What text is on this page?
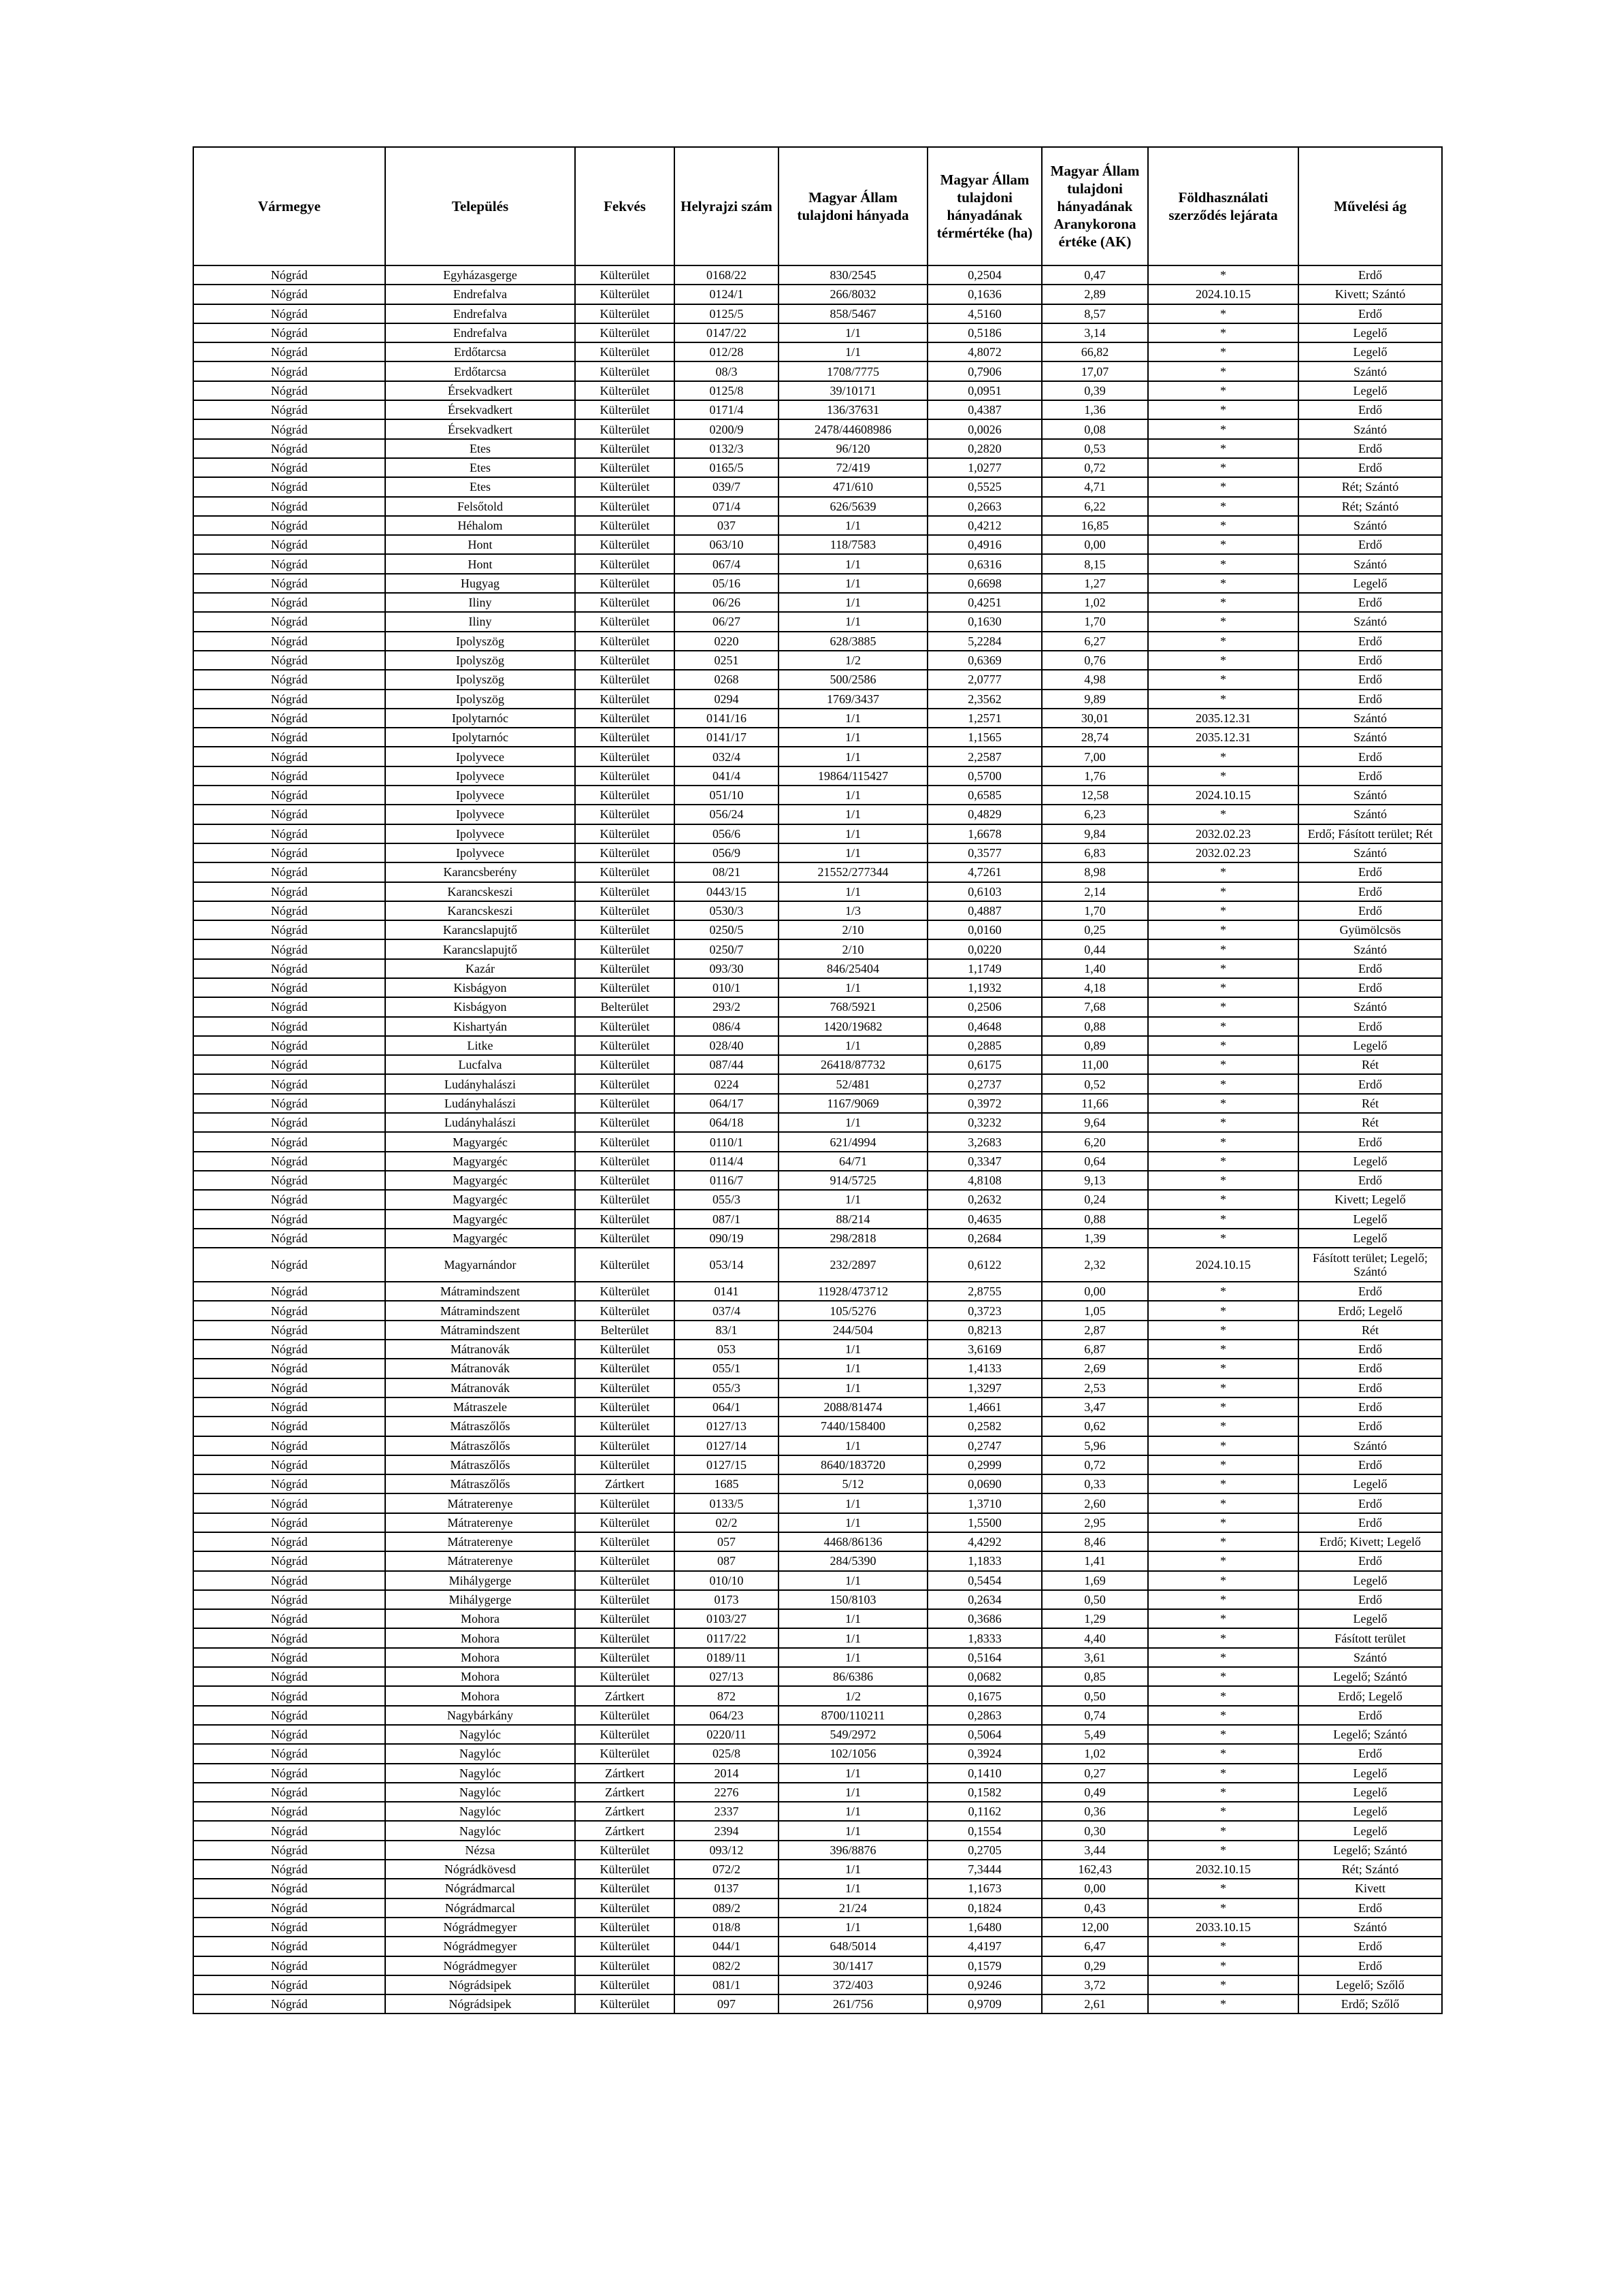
Vármegye	Település	Fekvés	Helyrajzi szám	Magyar Állam tulajdoni hányada	Magyar Állam tulajdoni hányadának térmértéke (ha)	Magyar Állam tulajdoni hányadának Aranykorona értéke (AK)	Földhasználati szerződés lejárata	Művelési ág
Nógrád	Egyházasgerge	Külterület	0168/22	830/2545	0,2504	0,47	*	Erdő
Nógrád	Endrefalva	Külterület	0124/1	266/8032	0,1636	2,89	2024.10.15	Kivett; Szántó
Nógrád	Endrefalva	Külterület	0125/5	858/5467	4,5160	8,57	*	Erdő
Nógrád	Endrefalva	Külterület	0147/22	1/1	0,5186	3,14	*	Legelő
Nógrád	Erdőtarcsa	Külterület	012/28	1/1	4,8072	66,82	*	Legelő
Nógrád	Erdőtarcsa	Külterület	08/3	1708/7775	0,7906	17,07	*	Szántó
Nógrád	Érsekvadkert	Külterület	0125/8	39/10171	0,0951	0,39	*	Legelő
Nógrád	Érsekvadkert	Külterület	0171/4	136/37631	0,4387	1,36	*	Erdő
Nógrád	Érsekvadkert	Külterület	0200/9	2478/44608986	0,0026	0,08	*	Szántó
Nógrád	Etes	Külterület	0132/3	96/120	0,2820	0,53	*	Erdő
Nógrád	Etes	Külterület	0165/5	72/419	1,0277	0,72	*	Erdő
Nógrád	Etes	Külterület	039/7	471/610	0,5525	4,71	*	Rét; Szántó
Nógrád	Felsőtold	Külterület	071/4	626/5639	0,2663	6,22	*	Rét; Szántó
Nógrád	Héhalom	Külterület	037	1/1	0,4212	16,85	*	Szántó
Nógrád	Hont	Külterület	063/10	118/7583	0,4916	0,00	*	Erdő
Nógrád	Hont	Külterület	067/4	1/1	0,6316	8,15	*	Szántó
Nógrád	Hugyag	Külterület	05/16	1/1	0,6698	1,27	*	Legelő
Nógrád	Iliny	Külterület	06/26	1/1	0,4251	1,02	*	Erdő
Nógrád	Iliny	Külterület	06/27	1/1	0,1630	1,70	*	Szántó
Nógrád	Ipolyszög	Külterület	0220	628/3885	5,2284	6,27	*	Erdő
Nógrád	Ipolyszög	Külterület	0251	1/2	0,6369	0,76	*	Erdő
Nógrád	Ipolyszög	Külterület	0268	500/2586	2,0777	4,98	*	Erdő
Nógrád	Ipolyszög	Külterület	0294	1769/3437	2,3562	9,89	*	Erdő
Nógrád	Ipolytarnóc	Külterület	0141/16	1/1	1,2571	30,01	2035.12.31	Szántó
Nógrád	Ipolytarnóc	Külterület	0141/17	1/1	1,1565	28,74	2035.12.31	Szántó
Nógrád	Ipolyvece	Külterület	032/4	1/1	2,2587	7,00	*	Erdő
Nógrád	Ipolyvece	Külterület	041/4	19864/115427	0,5700	1,76	*	Erdő
Nógrád	Ipolyvece	Külterület	051/10	1/1	0,6585	12,58	2024.10.15	Szántó
Nógrád	Ipolyvece	Külterület	056/24	1/1	0,4829	6,23	*	Szántó
Nógrád	Ipolyvece	Külterület	056/6	1/1	1,6678	9,84	2032.02.23	Erdő; Fásított terület; Rét
Nógrád	Ipolyvece	Külterület	056/9	1/1	0,3577	6,83	2032.02.23	Szántó
Nógrád	Karancsberény	Külterület	08/21	21552/277344	4,7261	8,98	*	Erdő
Nógrád	Karancskeszi	Külterület	0443/15	1/1	0,6103	2,14	*	Erdő
Nógrád	Karancskeszi	Külterület	0530/3	1/3	0,4887	1,70	*	Erdő
Nógrád	Karancslapujtő	Külterület	0250/5	2/10	0,0160	0,25	*	Gyümölcsös
Nógrád	Karancslapujtő	Külterület	0250/7	2/10	0,0220	0,44	*	Szántó
Nógrád	Kazár	Külterület	093/30	846/25404	1,1749	1,40	*	Erdő
Nógrád	Kisbágyon	Külterület	010/1	1/1	1,1932	4,18	*	Erdő
Nógrád	Kisbágyon	Belterület	293/2	768/5921	0,2506	7,68	*	Szántó
Nógrád	Kishartyán	Külterület	086/4	1420/19682	0,4648	0,88	*	Erdő
Nógrád	Litke	Külterület	028/40	1/1	0,2885	0,89	*	Legelő
Nógrád	Lucfalva	Külterület	087/44	26418/87732	0,6175	11,00	*	Rét
Nógrád	Ludányhalászi	Külterület	0224	52/481	0,2737	0,52	*	Erdő
Nógrád	Ludányhalászi	Külterület	064/17	1167/9069	0,3972	11,66	*	Rét
Nógrád	Ludányhalászi	Külterület	064/18	1/1	0,3232	9,64	*	Rét
Nógrád	Magyargéc	Külterület	0110/1	621/4994	3,2683	6,20	*	Erdő
Nógrád	Magyargéc	Külterület	0114/4	64/71	0,3347	0,64	*	Legelő
Nógrád	Magyargéc	Külterület	0116/7	914/5725	4,8108	9,13	*	Erdő
Nógrád	Magyargéc	Külterület	055/3	1/1	0,2632	0,24	*	Kivett; Legelő
Nógrád	Magyargéc	Külterület	087/1	88/214	0,4635	0,88	*	Legelő
Nógrád	Magyargéc	Külterület	090/19	298/2818	0,2684	1,39	*	Legelő
Nógrád	Magyarnándor	Külterület	053/14	232/2897	0,6122	2,32	2024.10.15	Fásított terület; Legelő; Szántó
Nógrád	Mátramindszent	Külterület	0141	11928/473712	2,8755	0,00	*	Erdő
Nógrád	Mátramindszent	Külterület	037/4	105/5276	0,3723	1,05	*	Erdő; Legelő
Nógrád	Mátramindszent	Belterület	83/1	244/504	0,8213	2,87	*	Rét
Nógrád	Mátranovák	Külterület	053	1/1	3,6169	6,87	*	Erdő
Nógrád	Mátranovák	Külterület	055/1	1/1	1,4133	2,69	*	Erdő
Nógrád	Mátranovák	Külterület	055/3	1/1	1,3297	2,53	*	Erdő
Nógrád	Mátraszele	Külterület	064/1	2088/81474	1,4661	3,47	*	Erdő
Nógrád	Mátraszőlős	Külterület	0127/13	7440/158400	0,2582	0,62	*	Erdő
Nógrád	Mátraszőlős	Külterület	0127/14	1/1	0,2747	5,96	*	Szántó
Nógrád	Mátraszőlős	Külterület	0127/15	8640/183720	0,2999	0,72	*	Erdő
Nógrád	Mátraszőlős	Zártkert	1685	5/12	0,0690	0,33	*	Legelő
Nógrád	Mátraterenye	Külterület	0133/5	1/1	1,3710	2,60	*	Erdő
Nógrád	Mátraterenye	Külterület	02/2	1/1	1,5500	2,95	*	Erdő
Nógrád	Mátraterenye	Külterület	057	4468/86136	4,4292	8,46	*	Erdő; Kivett; Legelő
Nógrád	Mátraterenye	Külterület	087	284/5390	1,1833	1,41	*	Erdő
Nógrád	Mihálygerge	Külterület	010/10	1/1	0,5454	1,69	*	Legelő
Nógrád	Mihálygerge	Külterület	0173	150/8103	0,2634	0,50	*	Erdő
Nógrád	Mohora	Külterület	0103/27	1/1	0,3686	1,29	*	Legelő
Nógrád	Mohora	Külterület	0117/22	1/1	1,8333	4,40	*	Fásított terület
Nógrád	Mohora	Külterület	0189/11	1/1	0,5164	3,61	*	Szántó
Nógrád	Mohora	Külterület	027/13	86/6386	0,0682	0,85	*	Legelő; Szántó
Nógrád	Mohora	Zártkert	872	1/2	0,1675	0,50	*	Erdő; Legelő
Nógrád	Nagybárkány	Külterület	064/23	8700/110211	0,2863	0,74	*	Erdő
Nógrád	Nagylóc	Külterület	0220/11	549/2972	0,5064	5,49	*	Legelő; Szántó
Nógrád	Nagylóc	Külterület	025/8	102/1056	0,3924	1,02	*	Erdő
Nógrád	Nagylóc	Zártkert	2014	1/1	0,1410	0,27	*	Legelő
Nógrád	Nagylóc	Zártkert	2276	1/1	0,1582	0,49	*	Legelő
Nógrád	Nagylóc	Zártkert	2337	1/1	0,1162	0,36	*	Legelő
Nógrád	Nagylóc	Zártkert	2394	1/1	0,1554	0,30	*	Legelő
Nógrád	Nézsa	Külterület	093/12	396/8876	0,2705	3,44	*	Legelő; Szántó
Nógrád	Nógrádkövesd	Külterület	072/2	1/1	7,3444	162,43	2032.10.15	Rét; Szántó
Nógrád	Nógrádmarcal	Külterület	0137	1/1	1,1673	0,00	*	Kivett
Nógrád	Nógrádmarcal	Külterület	089/2	21/24	0,1824	0,43	*	Erdő
Nógrád	Nógrádmegyer	Külterület	018/8	1/1	1,6480	12,00	2033.10.15	Szántó
Nógrád	Nógrádmegyer	Külterület	044/1	648/5014	4,4197	6,47	*	Erdő
Nógrád	Nógrádmegyer	Külterület	082/2	30/1417	0,1579	0,29	*	Erdő
Nógrád	Nógrádsipek	Külterület	081/1	372/403	0,9246	3,72	*	Legelő; Szőlő
Nógrád	Nógrádsipek	Külterület	097	261/756	0,9709	2,61	*	Erdő; Szőlő
